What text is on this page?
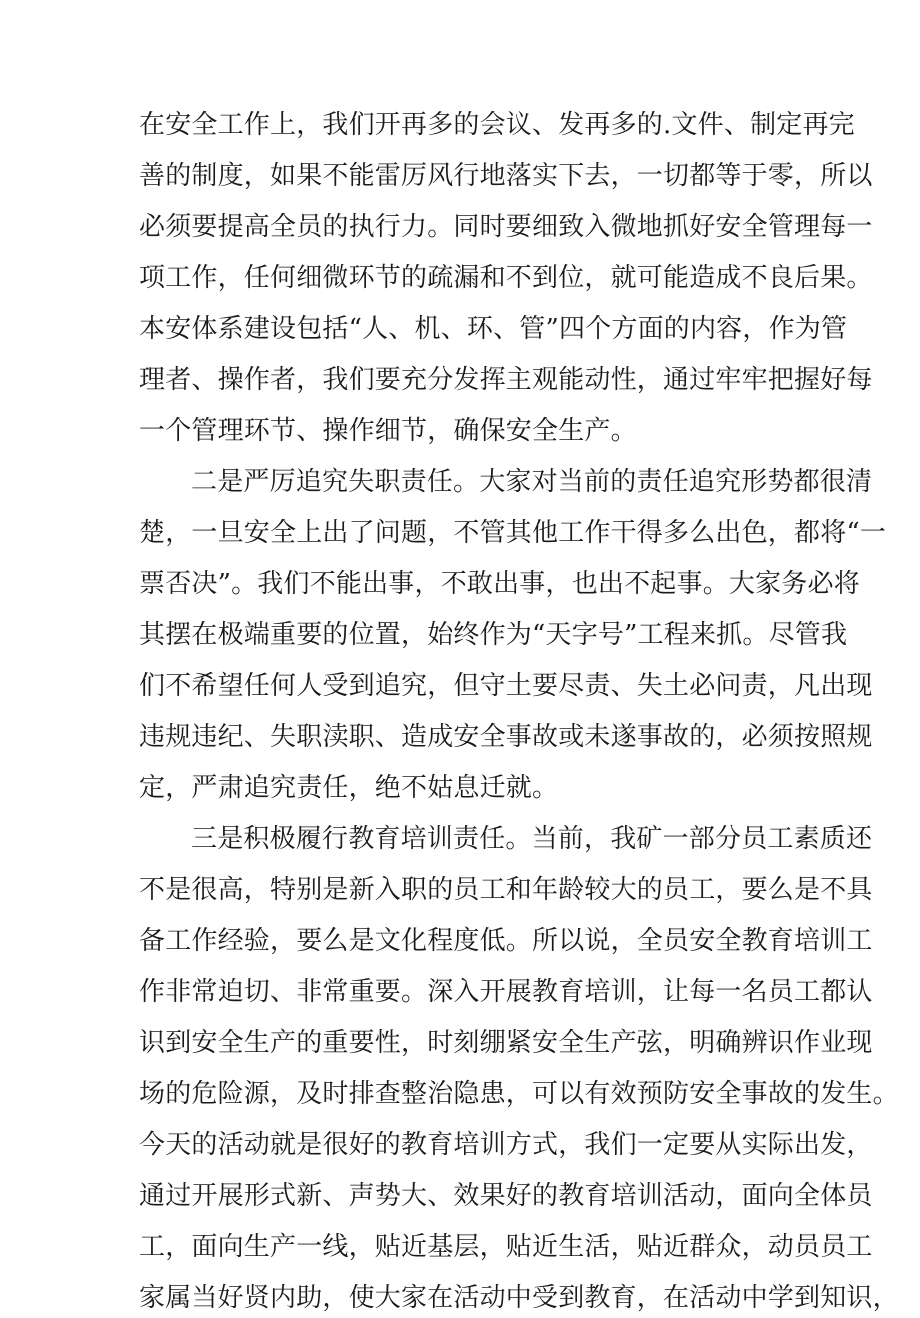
在安全工作上，我们开再多的会议、发再多的.文件、制定再完
善的制度，如果不能雷厉风行地落实下去，一切都等于零，所以
必须要提高全员的执行力。同时要细致入微地抓好安全管理每一
项工作，任何细微环节的疏漏和不到位，就可能造成不良后果。
本安体系建设包括“人、机、环、管”四个方面的内容，作为管
理者、操作者，我们要充分发挥主观能动性，通过牢牢把握好每
一个管理环节、操作细节，确保安全生产。
二是严厉追究失职责任。大家对当前的责任追究形势都很清
楚，一旦安全上出了问题，不管其他工作干得多么出色，都将“一
票否决”。我们不能出事，不敢出事，也出不起事。大家务必将
其摆在极端重要的位置，始终作为“天字号”工程来抓。尽管我
们不希望任何人受到追究，但守土要尽责、失土必问责，凡出现
违规违纪、失职渎职、造成安全事故或未遂事故的，必须按照规
定，严肃追究责任，绝不姑息迁就。
三是积极履行教育培训责任。当前，我矿一部分员工素质还
不是很高，特别是新入职的员工和年龄较大的员工，要么是不具
备工作经验，要么是文化程度低。所以说，全员安全教育培训工
作非常迫切、非常重要。深入开展教育培训，让每一名员工都认
识到安全生产的重要性，时刻绷紧安全生产弦，明确辨识作业现
场的危险源，及时排查整治隐患，可以有效预防安全事故的发生。
今天的活动就是很好的教育培训方式，我们一定要从实际出发，
通过开展形式新、声势大、效果好的教育培训活动，面向全体员
工，面向生产一线，贴近基层，贴近生活，贴近群众，动员员工
家属当好贤内助，使大家在活动中受到教育，在活动中学到知识，
